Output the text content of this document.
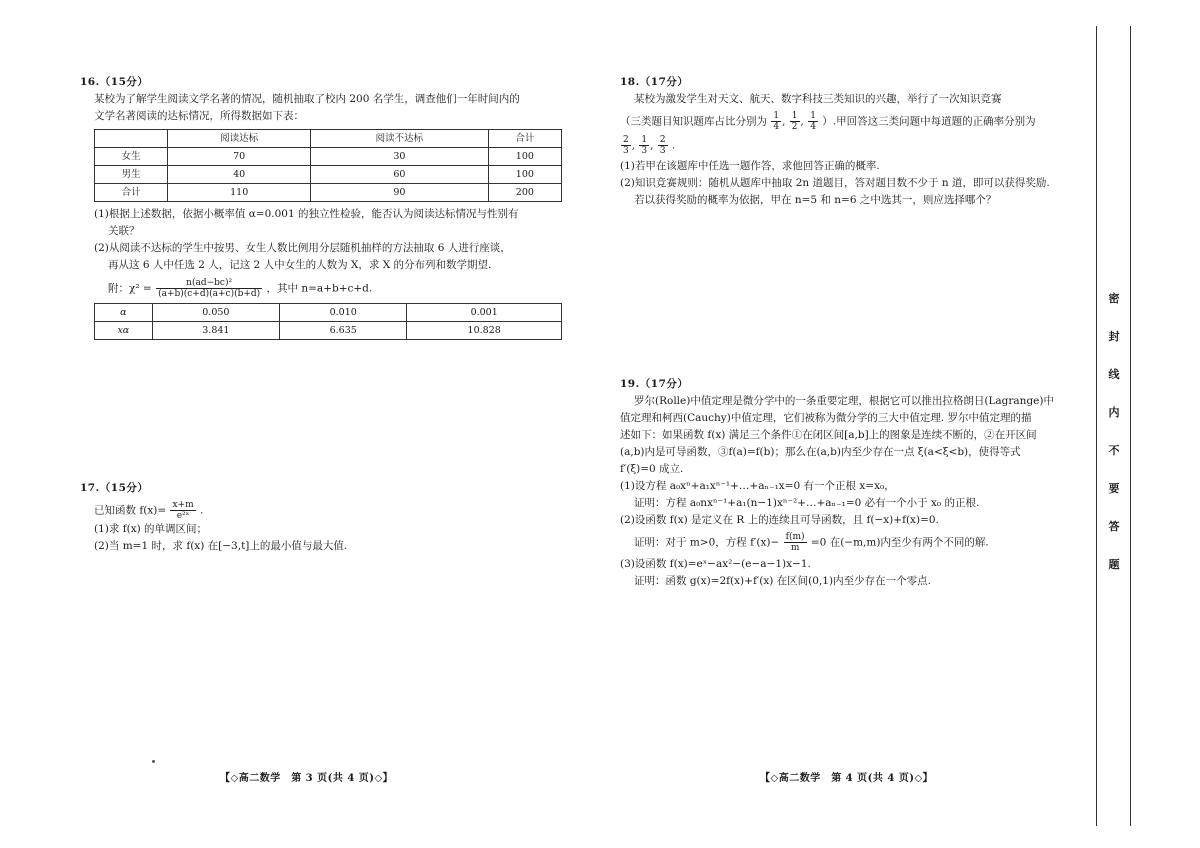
16.（15分）
某校为了解学生阅读文学名著的情况，随机抽取了校内 200 名学生，调查他们一年时间内的
文学名著阅读的达标情况，所得数据如下表：
	阅读达标	阅读不达标	合计
女生	70	30	100
男生	40	60	100
合计	110	90	200
(1)根据上述数据，依据小概率值 α=0.001 的独立性检验，能否认为阅读达标情况与性别有
关联？
(2)从阅读不达标的学生中按男、女生人数比例用分层随机抽样的方法抽取 6 人进行座谈，
再从这 6 人中任选 2 人，记这 2 人中女生的人数为 X，求 X 的分布列和数学期望.
附：$\chi^2 = \frac{\text{n(ad−bc)²}}{(a+b)(c+d)(a+c)(b+d)}$ ，其中 n=a+b+c+d.
α	0.050	0.010	0.001
xα	3.841	6.635	10.828
17.（15分）
已知函数 $f(x)= \frac{x+m}{\text{e²ˣ}}$ .
(1)求 f(x) 的单调区间；
(2)当 m=1 时，求 f(x) 在[−3,t]上的最小值与最大值.
【◇高二数学　第 3 页(共 4 页)◇】
18.（17分）
某校为激发学生对天文、航天、数字科技三类知识的兴趣，举行了一次知识竞赛
（三类题目知识题库占比分别为 $\frac{1}{4}$ , $\frac{1}{2}$ , $\frac{1}{4}$ ）.甲回答这三类问题中每道题的正确率分别为
$\frac{2}{3}$ , $\frac{1}{3}$ , $\frac{2}{3}$ .
(1)若甲在该题库中任选一题作答，求他回答正确的概率.
(2)知识竞赛规则：随机从题库中抽取 2n 道题目，答对题目数不少于 n 道，即可以获得奖励.
若以获得奖励的概率为依据，甲在 n=5 和 n=6 之中选其一，则应选择哪个？
19.（17分）
罗尔(Rolle)中值定理是微分学中的一条重要定理，根据它可以推出拉格朗日(Lagrange)中
值定理和柯西(Cauchy)中值定理，它们被称为微分学的三大中值定理. 罗尔中值定理的描
述如下：如果函数 f(x) 满足三个条件①在闭区间[a,b]上的图象是连续不断的，②在开区间
(a,b)内是可导函数，③f(a)=f(b)；那么在(a,b)内至少存在一点 ξ(a<ξ<b)，使得等式
f′(ξ)=0 成立.
(1)设方程 a₀xⁿ+a₁xⁿ⁻¹+…+aₙ₋₁x=0 有一个正根 x=x₀，
证明：方程 a₀nxⁿ⁻¹+a₁(n−1)xⁿ⁻²+…+aₙ₋₁=0 必有一个小于 x₀ 的正根.
(2)设函数 f(x) 是定义在 R 上的连续且可导函数，且 f(−x)+f(x)=0.
证明：对于 m>0，方程 $f'(x)- \frac{f(m)}{m} =0$ 在(−m,m)内至少有两个不同的解.
(3)设函数 f(x)=eˣ−ax²−(e−a−1)x−1.
证明：函数 g(x)=2f(x)+f′(x) 在区间(0,1)内至少存在一个零点.
【◇高二数学　第 4 页(共 4 页)◇】
密
封
线
内
不
要
答
题
